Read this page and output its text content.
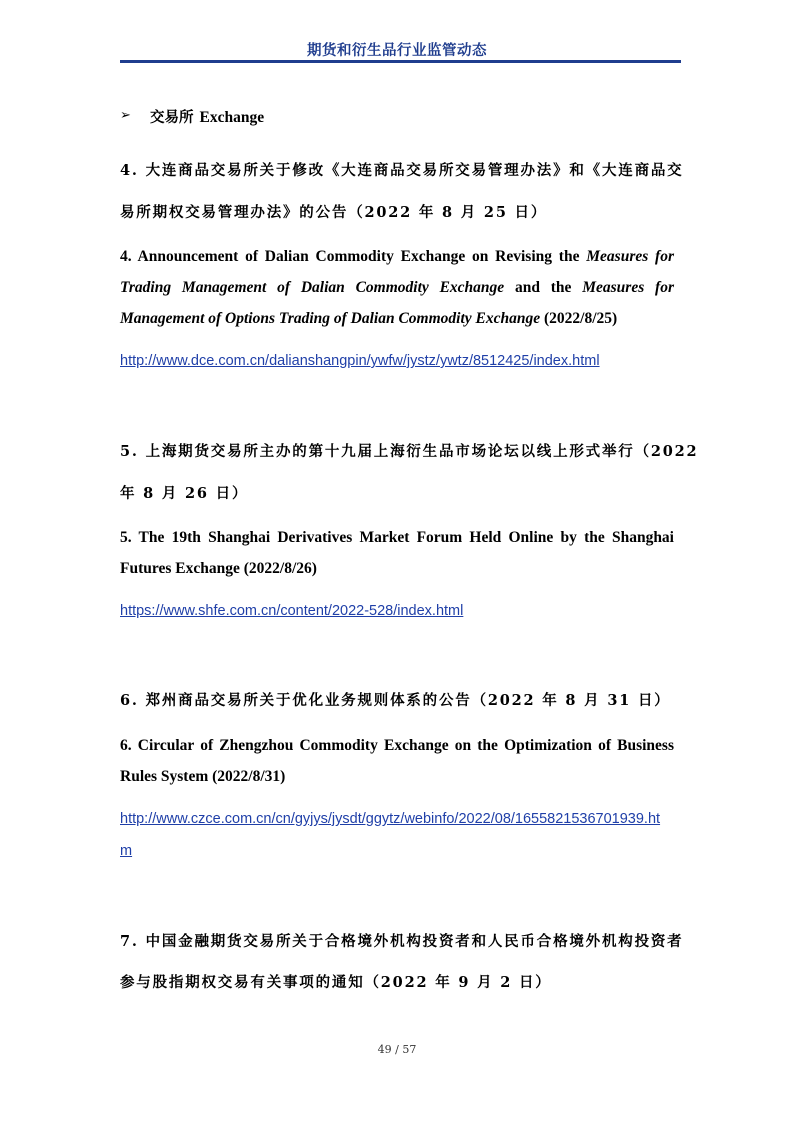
期货和衍生品行业监管动态
➢ 交易所 Exchange
4. 大连商品交易所关于修改《大连商品交易所交易管理办法》和《大连商品交
易所期权交易管理办法》的公告（2022 年 8 月 25 日）
4. Announcement of Dalian Commodity Exchange on Revising the Measures for
Trading Management of Dalian Commodity Exchange and the Measures for
Management of Options Trading of Dalian Commodity Exchange (2022/8/25)
http://www.dce.com.cn/dalianshangpin/ywfw/jystz/ywtz/8512425/index.html
5. 上海期货交易所主办的第十九届上海衍生品市场论坛以线上形式举行（2022
年 8 月 26 日）
5. The 19th Shanghai Derivatives Market Forum Held Online by the Shanghai
Futures Exchange (2022/8/26)
https://www.shfe.com.cn/content/2022-528/index.html
6. 郑州商品交易所关于优化业务规则体系的公告（2022 年 8 月 31 日）
6. Circular of Zhengzhou Commodity Exchange on the Optimization of Business
Rules System (2022/8/31)
http://www.czce.com.cn/cn/gyjys/jysdt/ggytz/webinfo/2022/08/1655821536701939.ht
m
7. 中国金融期货交易所关于合格境外机构投资者和人民币合格境外机构投资者
参与股指期权交易有关事项的通知（2022 年 9 月 2 日）
49 / 57
